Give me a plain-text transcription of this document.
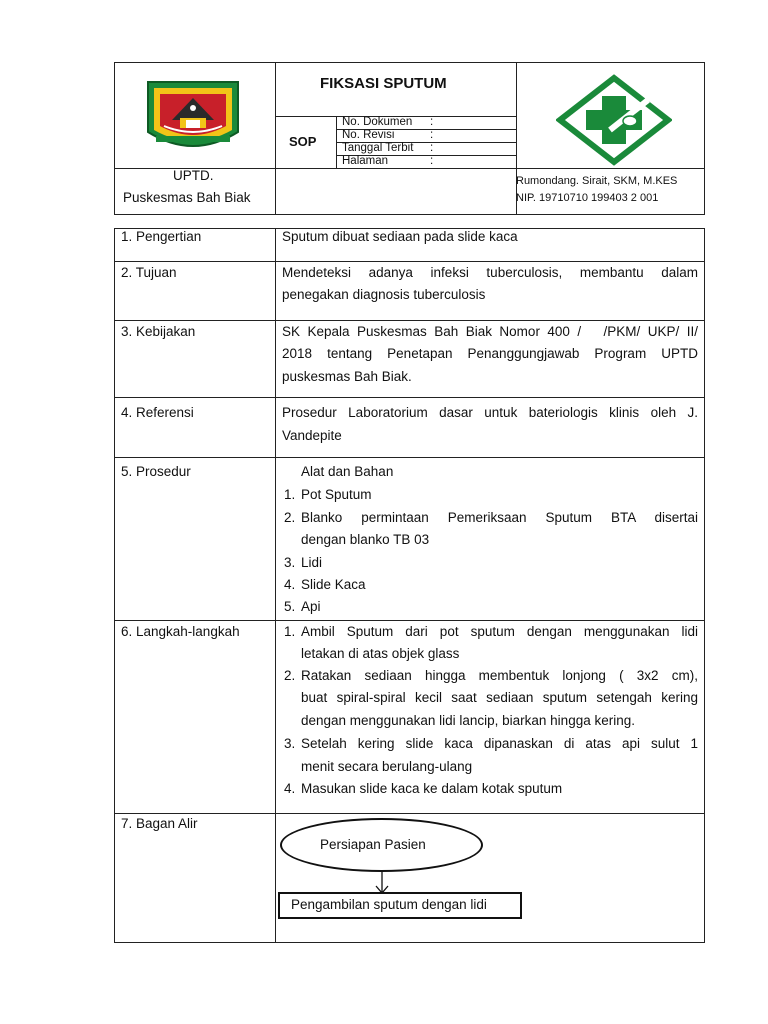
UPTD.
Puskesmas Bah Biak
FIKSASI SPUTUM
SOP
No. Dokumen :
No. Revisi	:
Tanggal Terbit :
Halaman	:
Rumondang. Sirait, SKM, M.KES
NIP. 19710710 199403 2 001
1. Pengertian	Sputum dibuat sediaan pada slide kaca
2. Tujuan	Mendeteksi adanya infeksi tuberculosis, membantu dalam
penegakan diagnosis tuberculosis
3. Kebijakan	SK Kepala Puskesmas Bah Biak Nomor 400 /   /PKM/ UKP/ II/
2018 tentang Penetapan Penanggungjawab Program UPTD
puskesmas Bah Biak.
4. Referensi	Prosedur Laboratorium dasar untuk bateriologis klinis oleh J.
Vandepite
5. Prosedur	Alat dan Bahan
1. Pot Sputum
2. Blanko permintaan Pemeriksaan Sputum BTA disertai
dengan blanko TB 03
3. Lidi
4. Slide Kaca
5. Api
6. Langkah-langkah	1. Ambil Sputum dari pot sputum dengan menggunakan lidi
letakan di atas objek glass
2. Ratakan sediaan hingga membentuk lonjong ( 3x2 cm),
buat spiral-spiral kecil saat sediaan sputum setengah kering
dengan menggunakan lidi lancip, biarkan hingga kering.
3. Setelah kering slide kaca dipanaskan di atas api sulut 1
menit secara berulang-ulang
4. Masukan slide kaca ke dalam kotak sputum
7. Bagan Alir
Persiapan Pasien
Pengambilan sputum dengan lidi
